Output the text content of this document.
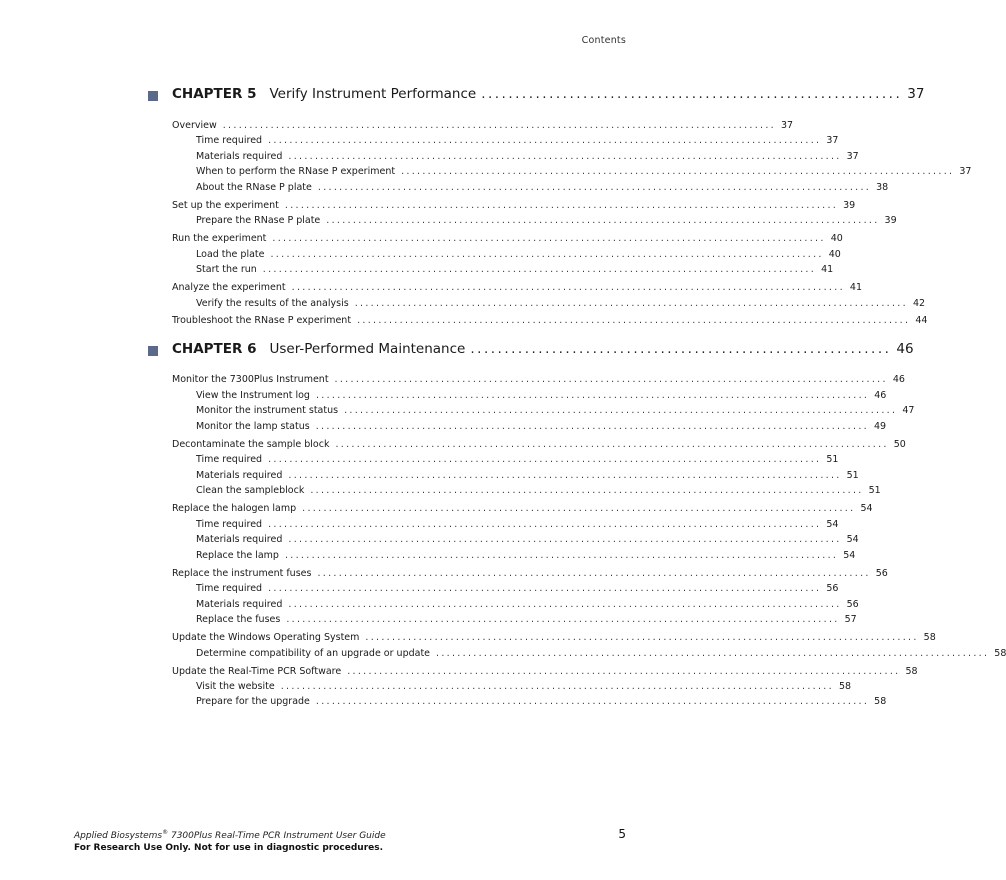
Contents
CHAPTER 5 Verify Instrument Performance .............................................................. 37
Overview ........................................................................................................ 37
Time required ........................................................................................................ 37
Materials required ........................................................................................................ 37
When to perform the RNase P experiment ........................................................................................................ 37
About the RNase P plate ........................................................................................................ 38
Set up the experiment ........................................................................................................ 39
Prepare the RNase P plate ........................................................................................................ 39
Run the experiment ........................................................................................................ 40
Load the plate ........................................................................................................ 40
Start the run ........................................................................................................ 41
Analyze the experiment ........................................................................................................ 41
Verify the results of the analysis ........................................................................................................ 42
Troubleshoot the RNase P experiment ........................................................................................................ 44
CHAPTER 6 User-Performed Maintenance .............................................................. 46
Monitor the 7300Plus Instrument ........................................................................................................ 46
View the Instrument log ........................................................................................................ 46
Monitor the instrument status ........................................................................................................ 47
Monitor the lamp status ........................................................................................................ 49
Decontaminate the sample block ........................................................................................................ 50
Time required ........................................................................................................ 51
Materials required ........................................................................................................ 51
Clean the sampleblock ........................................................................................................ 51
Replace the halogen lamp ........................................................................................................ 54
Time required ........................................................................................................ 54
Materials required ........................................................................................................ 54
Replace the lamp ........................................................................................................ 54
Replace the instrument fuses ........................................................................................................ 56
Time required ........................................................................................................ 56
Materials required ........................................................................................................ 56
Replace the fuses ........................................................................................................ 57
Update the Windows Operating System ........................................................................................................ 58
Determine compatibility of an upgrade or update ........................................................................................................ 58
Update the Real-Time PCR Software ........................................................................................................ 58
Visit the website ........................................................................................................ 58
Prepare for the upgrade ........................................................................................................ 58
Applied Biosystems® 7300Plus Real-Time PCR Instrument User Guide
For Research Use Only. Not for use in diagnostic procedures.
5
